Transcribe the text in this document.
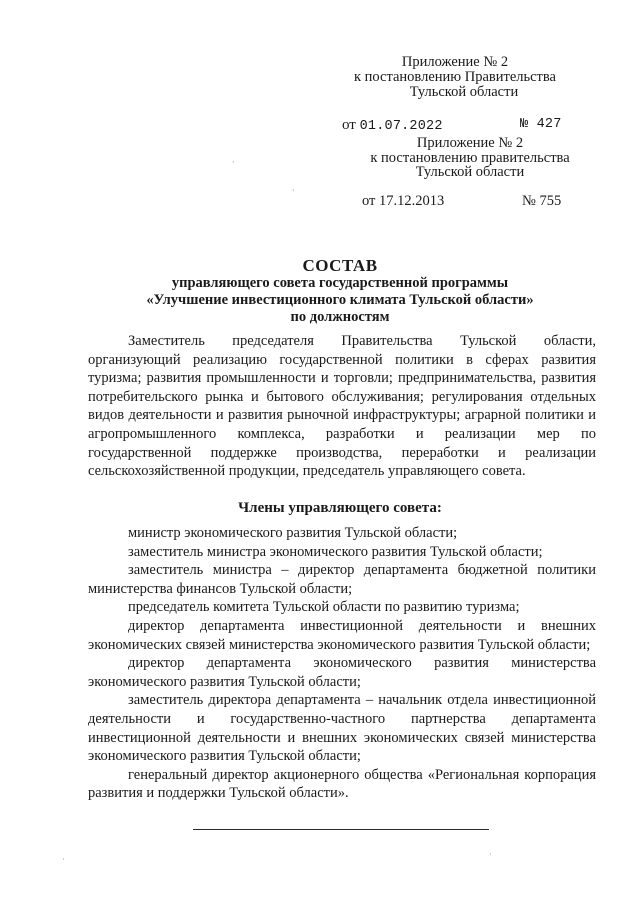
Приложение № 2
к постановлению Правительства
Тульской области
от 01.07.2022	№ 427
Приложение № 2
к постановлению правительства
Тульской области
от 17.12.2013	№ 755
СОСТАВ
управляющего совета государственной программы
«Улучшение инвестиционного климата Тульской области»
по должностям
Заместитель председателя Правительства Тульской области, организующий реализацию государственной политики в сферах развития туризма; развития промышленности и торговли; предпринимательства, развития потребительского рынка и бытового обслуживания; регулирования отдельных видов деятельности и развития рыночной инфраструктуры; аграрной политики и агропромышленного комплекса, разработки и реализации мер по государственной поддержке производства, переработки и реализации сельскохозяйственной продукции, председатель управляющего совета.
Члены управляющего совета:

министр экономического развития Тульской области;

заместитель министра экономического развития Тульской области;

заместитель министра – директор департамента бюджетной политики министерства финансов Тульской области;

председатель комитета Тульской области по развитию туризма;

директор департамента инвестиционной деятельности и внешних экономических связей министерства экономического развития Тульской области;

директор департамента экономического развития министерства экономического развития Тульской области;

заместитель директора департамента – начальник отдела инвестиционной деятельности и государственно-частного партнерства департамента инвестиционной деятельности и внешних экономических связей министерства экономического развития Тульской области;

генеральный директор акционерного общества «Региональная корпорация развития и поддержки Тульской области».

·
·
·
·
